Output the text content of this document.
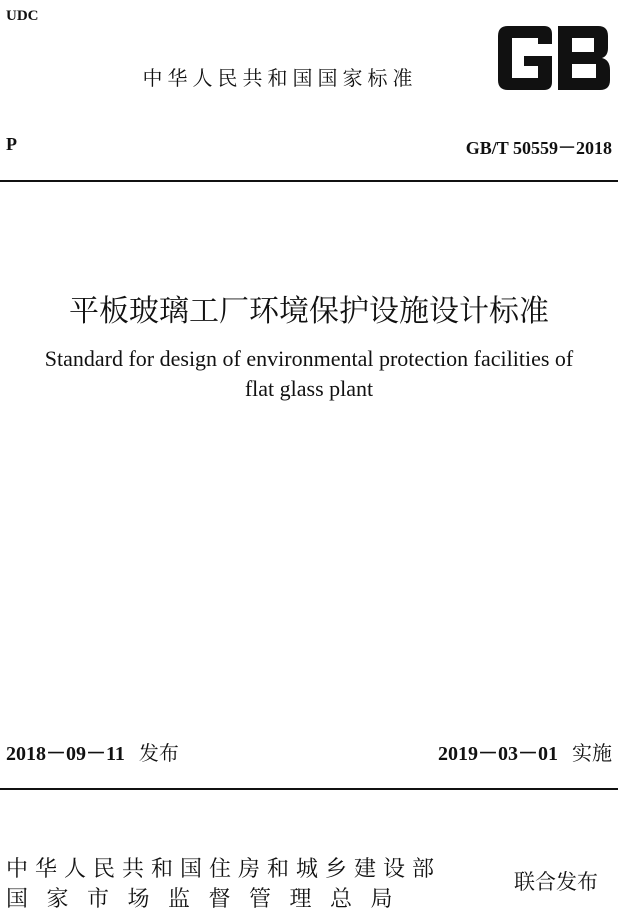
UDC
中华人民共和国国家标准
P	GB/T 50559－2018
平板玻璃工厂环境保护设施设计标准
Standard for design of environmental protection facilities of
flat glass plant
2018－09－11 发布	2019－03－01 实施
中华人民共和国住房和城乡建设部
国家市场监督管理总局
联合发布
